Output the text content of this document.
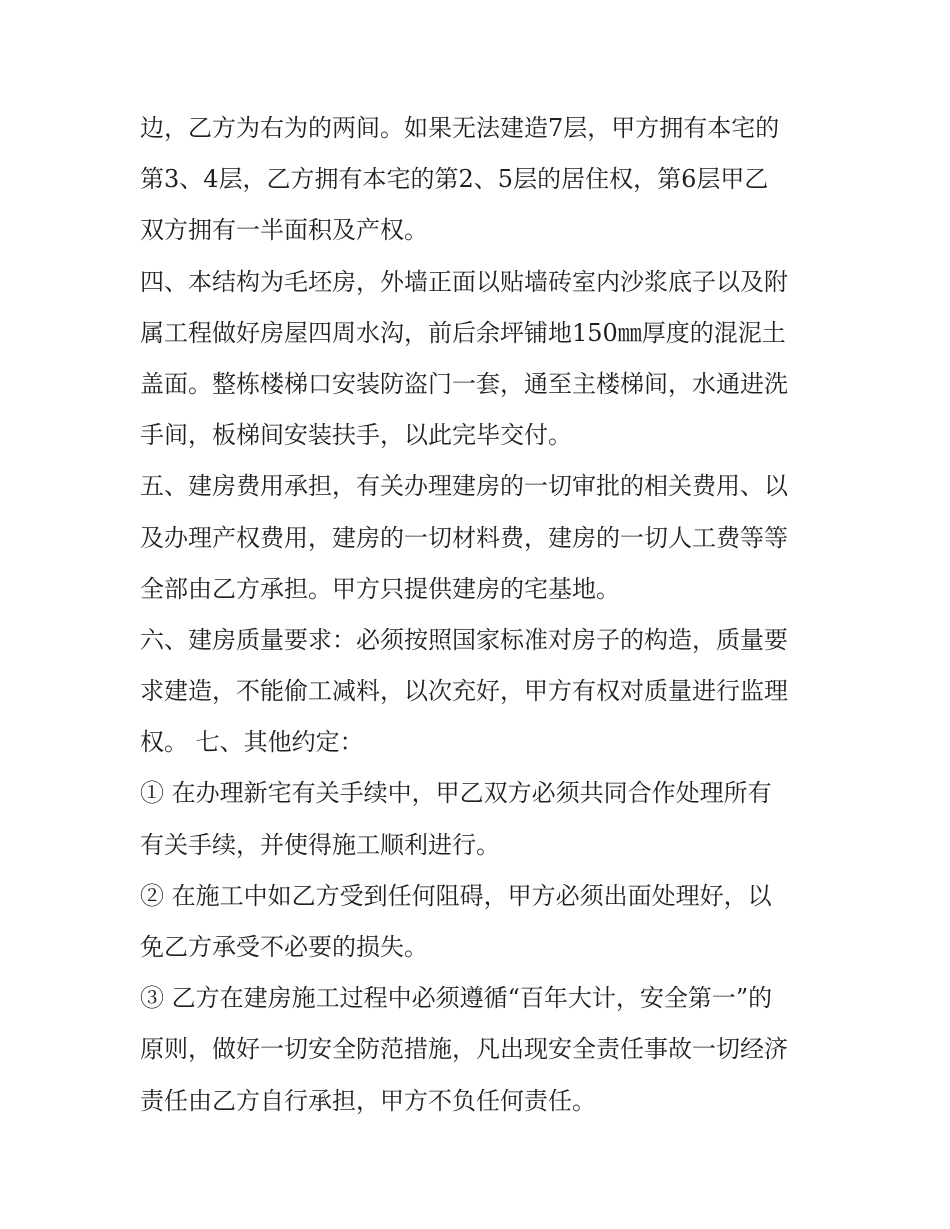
边，乙方为右为的两间。如果无法建造7层，甲方拥有本宅的

第3、4层，乙方拥有本宅的第2、5层的居住权，第6层甲乙

双方拥有一半面积及产权。

四、本结构为毛坯房，外墙正面以贴墙砖室内沙浆底子以及附

属工程做好房屋四周水沟，前后余坪铺地150㎜厚度的混泥土

盖面。整栋楼梯口安装防盗门一套，通至主楼梯间，水通进洗

手间，板梯间安装扶手，以此完毕交付。

五、建房费用承担，有关办理建房的一切审批的相关费用、以

及办理产权费用，建房的一切材料费，建房的一切人工费等等

全部由乙方承担。甲方只提供建房的宅基地。

六、建房质量要求：必须按照国家标准对房子的构造，质量要

求建造，不能偷工减料，以次充好，甲方有权对质量进行监理

权。 七、其他约定：

① 在办理新宅有关手续中，甲乙双方必须共同合作处理所有

有关手续，并使得施工顺利进行。

② 在施工中如乙方受到任何阻碍，甲方必须出面处理好，以

免乙方承受不必要的损失。

③ 乙方在建房施工过程中必须遵循“百年大计，安全第一”的

原则，做好一切安全防范措施，凡出现安全责任事故一切经济

责任由乙方自行承担，甲方不负任何责任。
